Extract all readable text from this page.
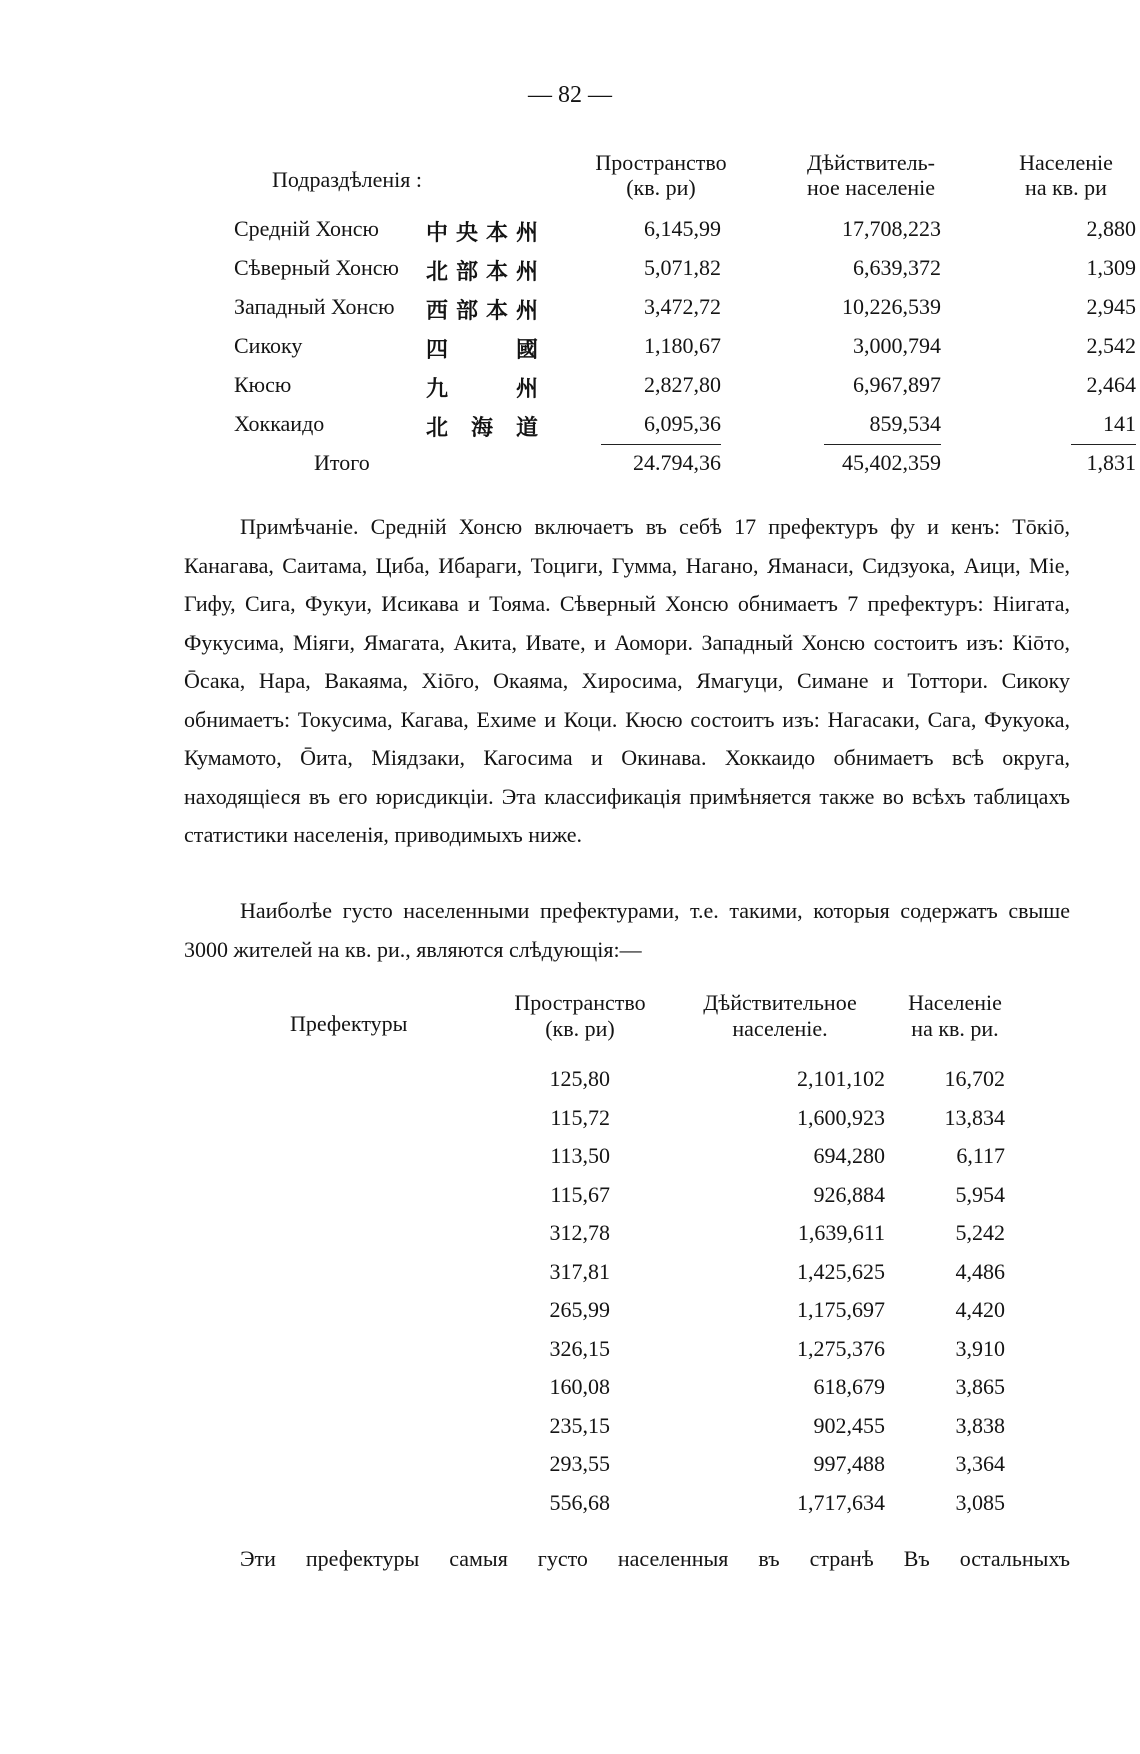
— 82 —
Подраздѣленія :
Пространство
(кв. ри)
Дѣйствитель-
ное населеніе
Населеніе
на кв. ри
Средній Хонсю 中央本州	6,145,99	17,708,223	2,880
Сѣверный Хонсю 北部本州	5,071,82	6,639,372	1,309
Западный Хонсю 西部本州	3,472,72	10,226,539	2,945
Сикоку	四 國	1,180,67	3,000,794	2,542
Кюсю	九 州	2,827,80	6,967,897	2,464
Хоккаидо	北 海 道	6,095,36	859,534	141
Итого	24.794,36	45,402,359	1,831
Примѣчаніе. Средній Хонсю включаетъ въ себѣ 17 префектуръ фу и кенъ: Тōкіō, Канагава, Саитама, Циба, Ибараги, Тоциги, Гумма, Нагано, Яманаси, Сидзуока, Аици, Міе, Гифу, Сига, Фукуи, Исикава и Тояма. Сѣверный Хонсю обнимаетъ 7 префектуръ: Ніигата, Фукусима, Міяги, Ямагата, Акита, Ивате, и Аомори. Западный Хонсю состоитъ изъ: Кіōто, Ōсака, Нара, Вакаяма, Хіōго, Окаяма, Хиросима, Ямагуци, Симане и Тоттори. Сикоку обнимаетъ: Токусима, Кагава, Ехиме и Коци. Кюсю состоитъ изъ: Нагасаки, Сага, Фукуока, Кумамото, Ōита, Міядзаки, Кагосима и Окинава. Хоккаидо обнимаетъ всѣ округа, находящіеся въ его юрисдикціи. Эта классификація примѣняется также во всѣхъ таблицахъ статистики населенія, приводимыхъ ниже.
Наиболѣе густо населенными префектурами, т.е. такими, которыя содержатъ свыше 3000 жителей на кв. ри., являются слѣдующія:—
Префектуры
Пространство
(кв. ри)
Дѣйствительное
населеніе.
Населеніе
на кв. ри.
125,80	2,101,102	16,702
115,72	1,600,923	13,834
113,50	694,280	6,117
115,67	926,884	5,954
312,78	1,639,611	5,242
317,81	1,425,625	4,486
265,99	1,175,697	4,420
326,15	1,275,376	3,910
160,08	618,679	3,865
235,15	902,455	3,838
293,55	997,488	3,364
556,68	1,717,634	3,085
Эти префектуры самыя густо населенныя въ странѣ Въ остальныхъ
